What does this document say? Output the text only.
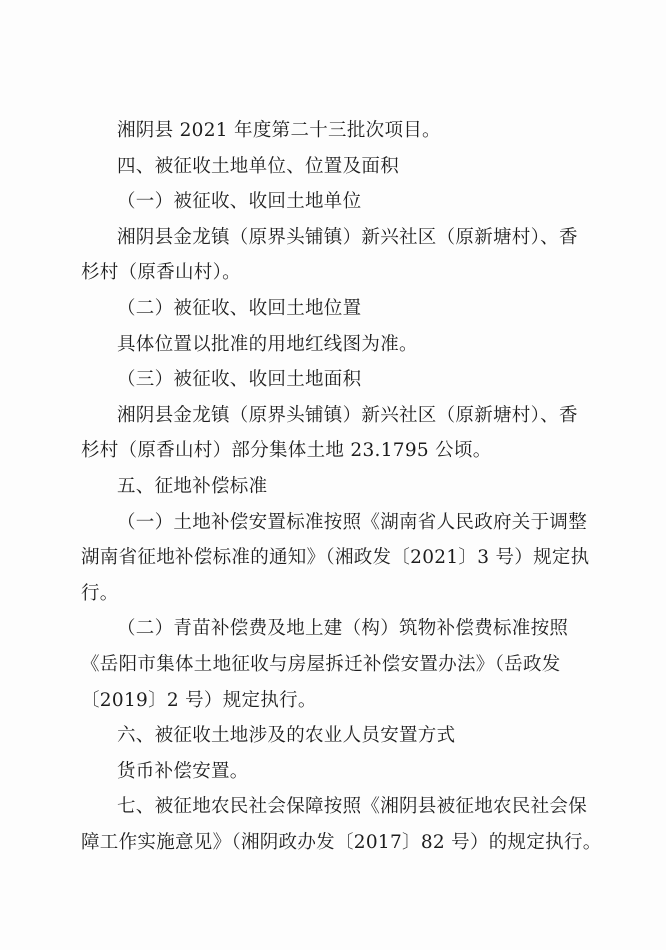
湘阴县 2021 年度第二十三批次项目。
四、被征收土地单位、位置及面积
（一）被征收、收回土地单位
湘阴县金龙镇（原界头铺镇）新兴社区（原新塘村）、香
杉村（原香山村）。
（二）被征收、收回土地位置
具体位置以批准的用地红线图为准。
（三）被征收、收回土地面积
湘阴县金龙镇（原界头铺镇）新兴社区（原新塘村）、香
杉村（原香山村）部分集体土地 23.1795 公顷。
五、征地补偿标准
（一）土地补偿安置标准按照《湖南省人民政府关于调整
湖南省征地补偿标准的通知》（湘政发〔2021〕3 号）规定执
行。
（二）青苗补偿费及地上建（构）筑物补偿费标准按照
《岳阳市集体土地征收与房屋拆迁补偿安置办法》（岳政发
〔2019〕2 号）规定执行。
六、被征收土地涉及的农业人员安置方式
货币补偿安置。
七、被征地农民社会保障按照《湘阴县被征地农民社会保
障工作实施意见》（湘阴政办发〔2017〕82 号）的规定执行。
